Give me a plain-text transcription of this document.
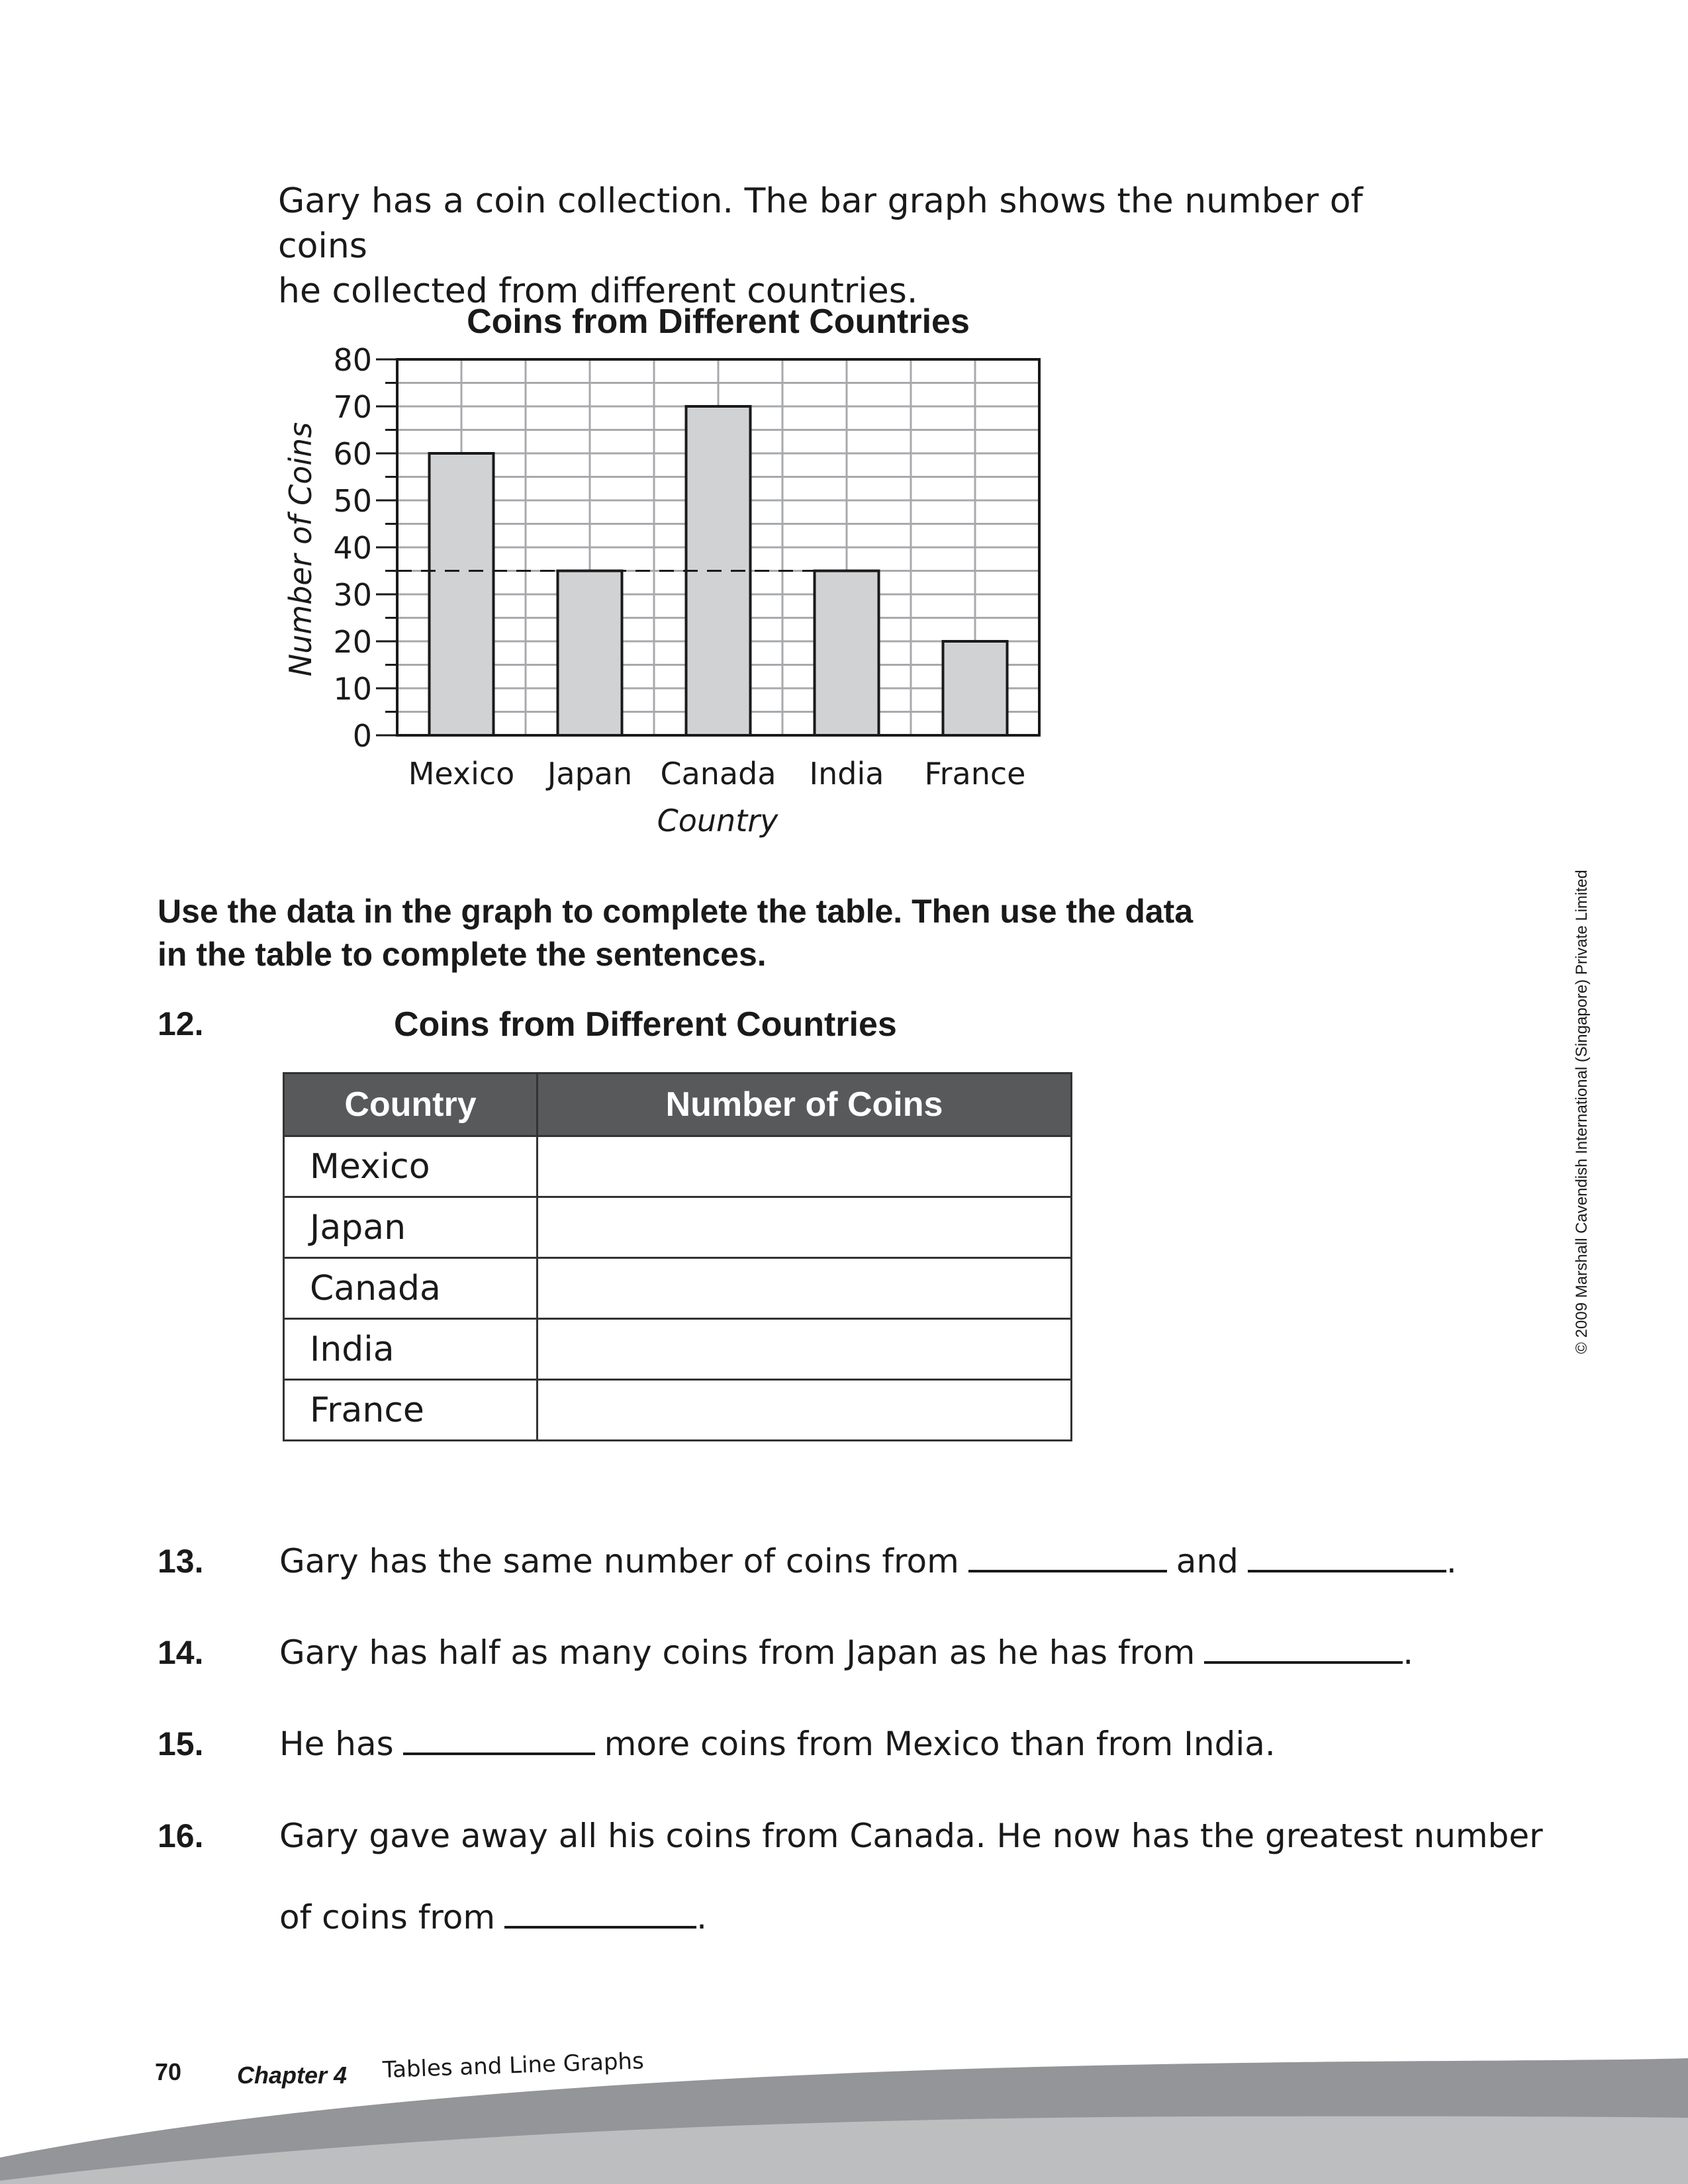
Gary has a coin collection. The bar graph shows the number of coins
he collected from different countries.

Coins from Different Countries
0
10
20
30
40
50
60
70
80
Mexico Japan Canada India France
Number of Coins
Country

Use the data in the graph to complete the table. Then use the data
in the table to complete the sentences.

12.	Coins from Different Countries
Country	Number of Coins
Mexico	
Japan	
Canada	
India	
France	
13. Gary has the same number of coins from	and	.
14. Gary has half as many coins from Japan as he has from	.
15. He has	more coins from Mexico than from India.
16. Gary gave away all his coins from Canada. He now has the greatest number
of coins from	.
© 2009 Marshall Cavendish International (Singapore) Private Limited
70 Chapter 4 Tables and Line Graphs
